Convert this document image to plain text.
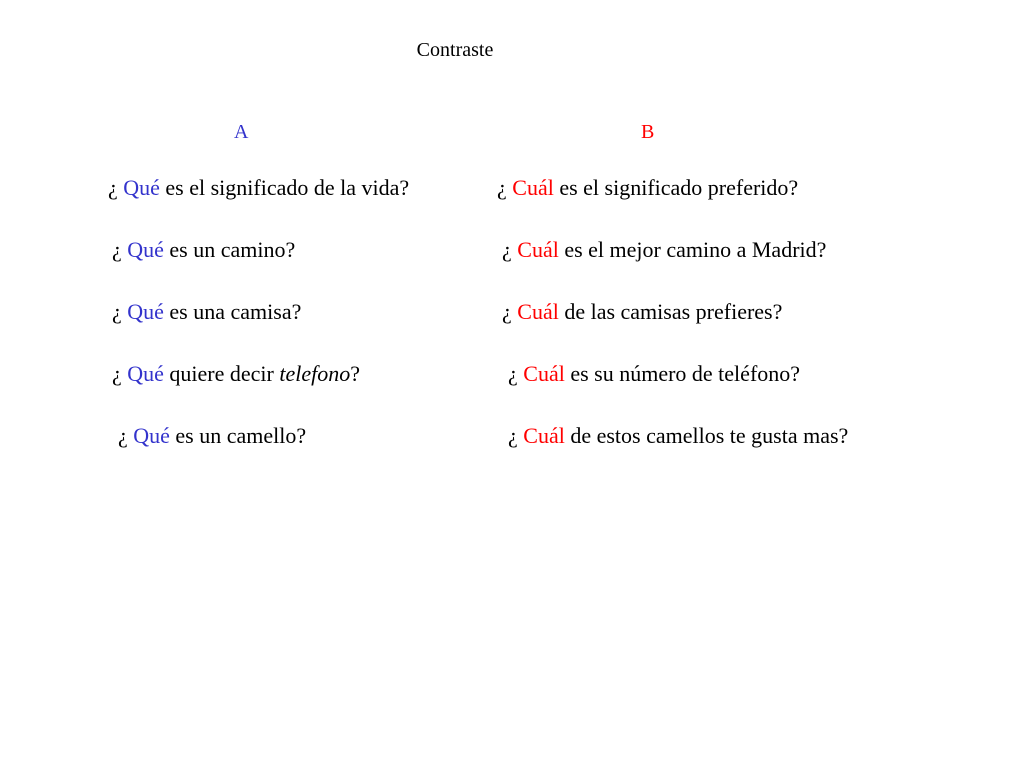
Contraste
A	B
¿ Qué es el significado de la vida?
¿ Qué es un camino?
¿ Qué es una camisa?
¿ Qué quiere decir telefono?
¿ Qué es un camello?
¿ Cuál es el significado preferido?
¿ Cuál es el mejor camino a Madrid?
¿ Cuál de las camisas prefieres?
¿ Cuál es su número de teléfono?
¿ Cuál de estos camellos te gusta mas?
